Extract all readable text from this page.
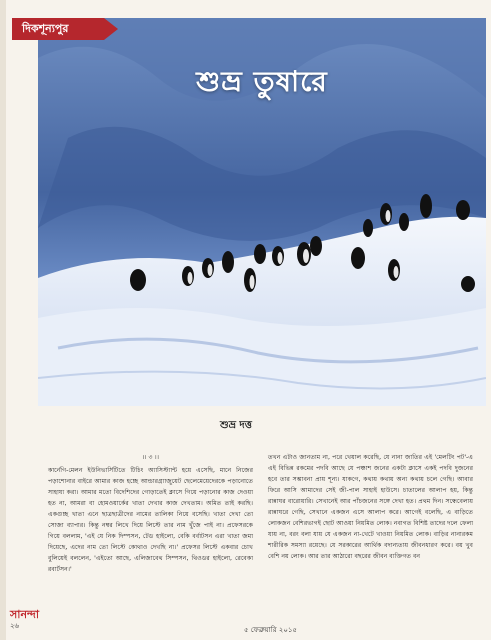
দিকশূন্যপুর
শুভ্র তুষারে
শুভ্র দত্ত

।। ৩ ।।

কার্নেগি-মেলন ইউনিভার্সিটিতে টিচিং অ্যাসিস্ট্যান্ট হয়ে এসেছি, মানে নিজের পড়াশোনার বাইরে আমার কাজ হচ্ছে আন্ডারগ্র্যাজুয়েট ছেলেমেয়েদেরকে পড়ানোতে সাহায্য করা। আমার মতো বিদেশিদের গোড়াতেই ক্লাসে গিয়ে পড়ানোর কাজ দেওয়া হত না, আমরা বা হোমওয়ার্কের খাতা দেখার কাজ দেখতাম। অমিত তাই করছি। একগুচ্ছ খাতা এনে ছাত্রছাত্রীদের নামের তালিকা নিয়ে বসেছি। খাতা দেখা তো সোজা ব্যাপার। কিন্তু নম্বর লিখে দিয়ে লিস্টে তার নাম খুঁজে পাই না। প্রফেসরকে গিয়ে বললাম, 'এই যে নিক দিম্পসন, টেড হাইলো, বেকি বর্বাটসন এরা খাতা জমা দিয়েছে, এদের নাম তো লিস্টে কোথাও দেখছি না।' প্রফেসর লিস্টে একবার চোখ বুলিয়েই বললেন, 'এইতো আছে, এলিজাবেথ সিম্পসন, থিওডর হাইলো, রেবেকা রবার্টসন।'

তখন এটাও জানতাম না, পরে খেয়াল করেছি, যে নানা জাতির এই 'মেলটিং পট'-এ এই বিভিন্ন রকমের পদবি আছে যে পঞ্চাশ জনের একটা ক্লাসে একই পদবি দুজনের হবে তার সম্ভাবনা প্রায় শূন্য। যাকগে, কথায় কথায় অন্য কথায় চলে গেছি। আবার ফিরে আসি আমাদের সেই জী-পাল সাহাই হাউসে। চাতালের আলাপ হয়, কিন্তু রান্নাঘর বারোয়ারি। সেখানেই আর পাঁচজনের সঙ্গে দেখা হত। প্রথম দিন। সন্ধেবেলায় রান্নাঘরে গেছি, সেখানে একজন এসে আলাপ করে। আগেই বলেছি, এ বাড়িতে লোকজন বেশিরভাগই ছোট আওয়া নিয়মিত লোক। নবাগত বিশিষ্ট তাদের দলে ফেলা যায় না, বরং বলা যায় যে একজন না-খেটে খাওয়া নিয়মিত লোক। বাড়ির নানারকম শারীরিক সমস্যা রয়েছে। যে সরকারের আর্থিক বদান্যতায় জীবনধারণ করে। বয় খুব বেশি নয় লোক। আর তার আঠারো বছরের জীবন ব্যক্তিগত বন

সানন্দা
২৬	৫ ফেব্রুয়ারি ২০১৫
